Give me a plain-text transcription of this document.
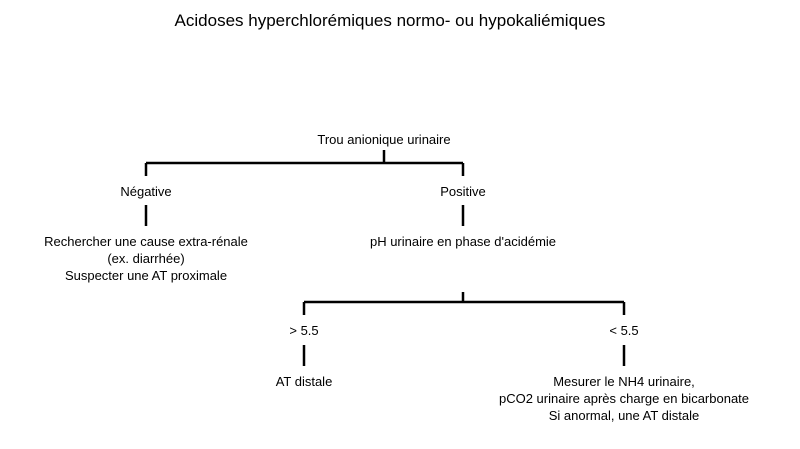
Acidoses hyperchlorémiques normo- ou hypokaliémiques
Trou anionique urinaire
Négative	Positive
Rechercher une cause extra-rénale
(ex. diarrhée)
Suspecter une AT proximale
pH urinaire en phase d'acidémie
> 5.5	< 5.5
AT distale	Mesurer le NH4 urinaire,
pCO2 urinaire après charge en bicarbonate
Si anormal, une AT distale
